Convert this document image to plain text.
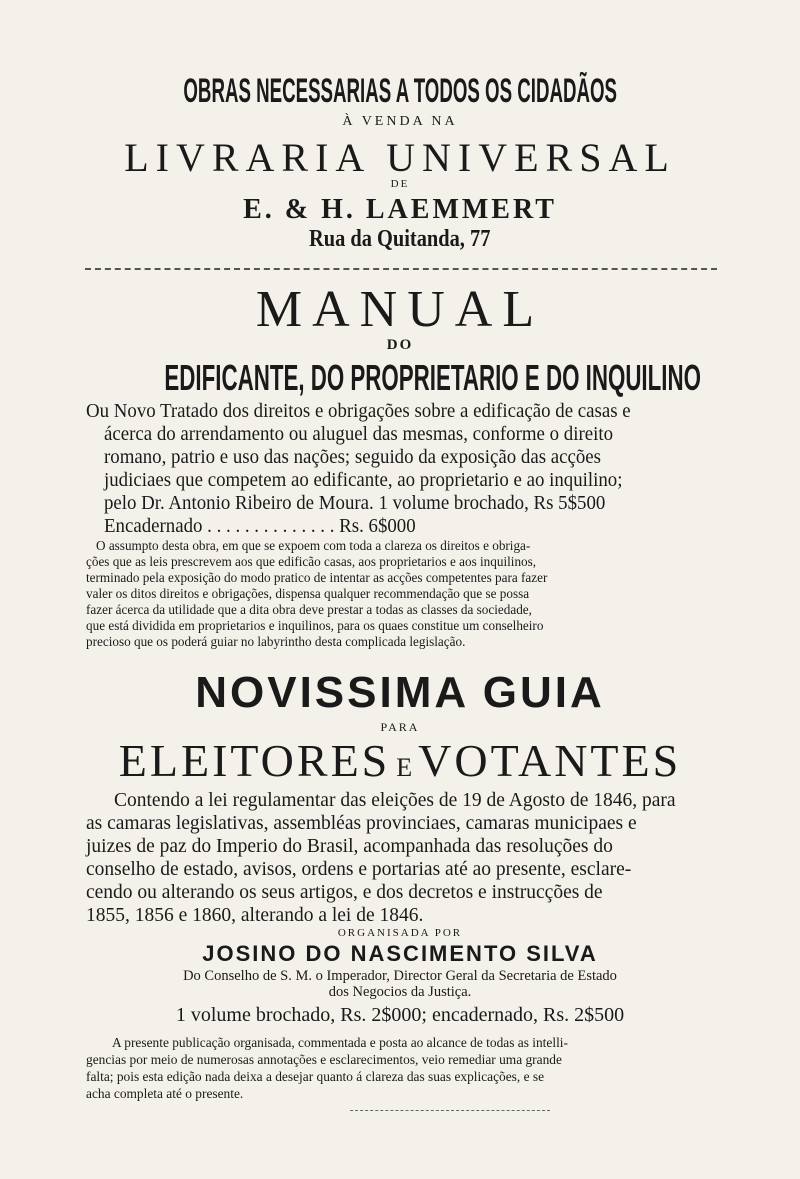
OBRAS NECESSARIAS A TODOS OS CIDADÃOS
À VENDA NA
LIVRARIA UNIVERSAL
DE
E. & H. LAEMMERT
Rua da Quitanda, 77
MANUAL
DO
EDIFICANTE, DO PROPRIETARIO E DO INQUILINO
Ou Novo Tratado dos direitos e obrigações sobre a edificação de casas e
ácerca do arrendamento ou aluguel das mesmas, conforme o direito
romano, patrio e uso das nações; seguido da exposição das acções
judiciaes que competem ao edificante, ao proprietario e ao inquilino;
pelo Dr. Antonio Ribeiro de Moura. 1 volume brochado, Rs 5$500
Encadernado . . . . . . . . . . . . . . Rs. 6$000
O assumpto desta obra, em que se expoem com toda a clareza os direitos e obriga-
ções que as leis prescrevem aos que edificão casas, aos proprietarios e aos inquilinos,
terminado pela exposição do modo pratico de intentar as acções competentes para fazer
valer os ditos direitos e obrigações, dispensa qualquer recommendação que se possa
fazer ácerca da utilidade que a dita obra deve prestar a todas as classes da sociedade,
que está dividida em proprietarios e inquilinos, para os quaes constitue um conselheiro
precioso que os poderá guiar no labyrintho desta complicada legislação.
NOVISSIMA GUIA
PARA
ELEITORES E VOTANTES
Contendo a lei regulamentar das eleições de 19 de Agosto de 1846, para
as camaras legislativas, assembléas provinciaes, camaras municipaes e
juizes de paz do Imperio do Brasil, acompanhada das resoluções do
conselho de estado, avisos, ordens e portarias até ao presente, esclare-
cendo ou alterando os seus artigos, e dos decretos e instrucções de
1855, 1856 e 1860, alterando a lei de 1846.
ORGANISADA POR
JOSINO DO NASCIMENTO SILVA
Do Conselho de S. M. o Imperador, Director Geral da Secretaria de Estado
dos Negocios da Justiça.
1 volume brochado, Rs. 2$000; encadernado, Rs. 2$500
A presente publicação organisada, commentada e posta ao alcance de todas as intelli-
gencias por meio de numerosas annotações e esclarecimentos, veio remediar uma grande
falta; pois esta edição nada deixa a desejar quanto á clareza das suas explicações, e se
acha completa até o presente.
